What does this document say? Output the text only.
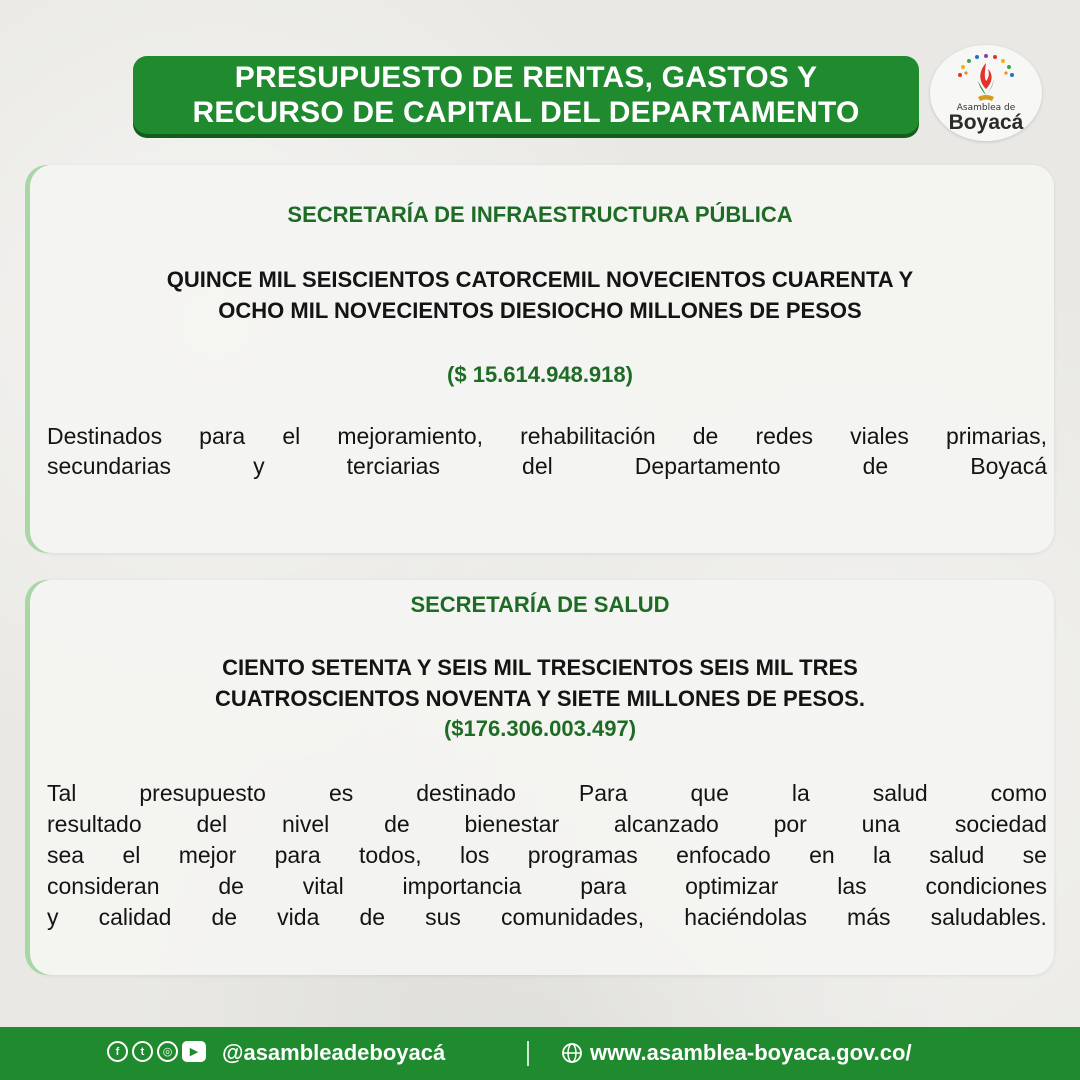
PRESUPUESTO DE RENTAS, GASTOS Y
RECURSO DE CAPITAL DEL DEPARTAMENTO	Asamblea de
Boyacá
SECRETARÍA DE INFRAESTRUCTURA PÚBLICA
QUINCE MIL SEISCIENTOS CATORCEMIL NOVECIENTOS CUARENTA Y
OCHO MIL NOVECIENTOS DIESIOCHO MILLONES DE PESOS
($ 15.614.948.918)
Destinados para el mejoramiento, rehabilitación de redes viales primarias,
secundarias	y	terciarias	del	Departamento	de	Boyacá
SECRETARÍA DE SALUD
CIENTO SETENTA Y SEIS MIL TRESCIENTOS SEIS MIL TRES
CUATROSCIENTOS NOVENTA Y SIETE MILLONES DE PESOS.
($176.306.003.497)
Tal	presupuesto	es	destinado	Para	que	la	salud	como
resultado del nivel de bienestar alcanzado por una sociedad
sea el mejor para todos, los programas enfocado en la salud se
consideran	de	vital	importancia	para	optimizar	las	condiciones
y calidad de vida de sus comunidades, haciéndolas más saludables.
f	t	◎	▶	@asambleadeboyacá	www.asamblea-boyaca.gov.co/
